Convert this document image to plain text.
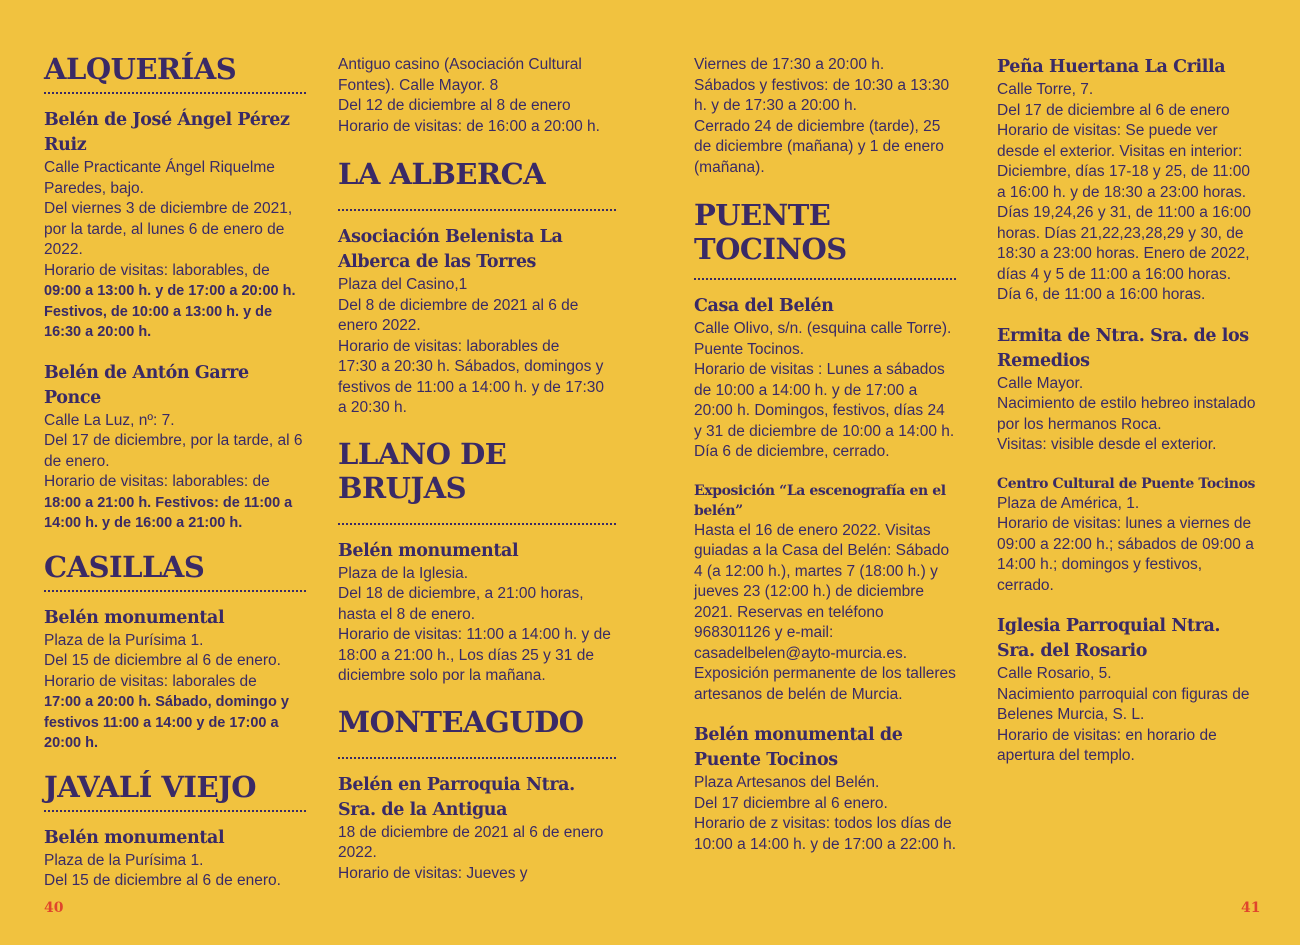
ALQUERÍAS
Belén de José Ángel Pérez Ruiz

Calle Practicante Ángel Riquelme Paredes, bajo.

Del viernes 3 de diciembre de 2021, por la tarde, al lunes 6 de enero de 2022.

Horario de visitas: laborables, de

09:00 a 13:00 h. y de 17:00 a 20:00 h. Festivos, de 10:00 a 13:00 h. y de 16:30 a 20:00 h.

Belén de Antón Garre Ponce

Calle La Luz, nº: 7.

Del 17 de diciembre, por la tarde, al 6 de enero.

Horario de visitas: laborables: de

18:00 a 21:00 h. Festivos: de 11:00 a 14:00 h. y de 16:00 a 21:00 h.

CASILLAS
Belén monumental

Plaza de la Purísima 1.

Del 15 de diciembre al 6 de enero.

Horario de visitas: laborales de

17:00 a 20:00 h. Sábado, domingo y festivos 11:00 a 14:00 y de 17:00 a 20:00 h.

JAVALÍ VIEJO
Belén monumental

Plaza de la Purísima 1.

Del 15 de diciembre al 6 de enero.

Antiguo casino (Asociación Cultural Fontes). Calle Mayor. 8

Del 12 de diciembre al 8 de enero

Horario de visitas: de 16:00 a 20:00 h.

LA ALBERCA
Asociación Belenista La Alberca de las Torres

Plaza del Casino,1

Del 8 de diciembre de 2021 al 6 de enero 2022.

Horario de visitas: laborables de

17:30 a 20:30 h. Sábados, domingos y festivos de 11:00 a 14:00 h. y de 17:30 a 20:30 h.

LLANO DE BRUJAS
Belén monumental

Plaza de la Iglesia.

Del 18 de diciembre, a 21:00 horas, hasta el 8 de enero.

Horario de visitas: 11:00 a 14:00 h. y de 18:00 a 21:00 h., Los días 25 y 31 de diciembre solo por la mañana.

MONTEAGUDO
Belén en Parroquia Ntra. Sra. de la Antigua

18 de diciembre de 2021 al 6 de enero 2022.

Horario de visitas: Jueves y

Viernes de 17:30 a 20:00 h.

Sábados y festivos: de 10:30 a 13:30 h. y de 17:30 a 20:00 h.

Cerrado 24 de diciembre (tarde), 25 de diciembre (mañana) y 1 de enero (mañana).

PUENTE TOCINOS
Casa del Belén

Calle Olivo, s/n. (esquina calle Torre). Puente Tocinos.

Horario de visitas : Lunes a sábados de 10:00 a 14:00 h. y de 17:00 a 20:00 h. Domingos, festivos, días 24 y 31 de diciembre de 10:00 a 14:00 h. Día 6 de diciembre, cerrado.

Exposición “La escenografía en el belén”

Hasta el 16 de enero 2022. Visitas guiadas a la Casa del Belén: Sábado 4 (a 12:00 h.), martes 7 (18:00 h.) y jueves 23 (12:00 h.) de diciembre 2021. Reservas en teléfono 968301126 y e-mail: casadelbelen@ayto-murcia.es. Exposición permanente de los talleres artesanos de belén de Murcia.

Belén monumental de Puente Tocinos

Plaza Artesanos del Belén.

Del 17 diciembre al 6 enero.

Horario de z visitas: todos los días de 10:00 a 14:00 h. y de 17:00 a 22:00 h.

Peña Huertana La Crilla

Calle Torre, 7.

Del 17 de diciembre al 6 de enero

Horario de visitas: Se puede ver desde el exterior. Visitas en interior: Diciembre, días 17-18 y 25, de 11:00 a 16:00 h. y de 18:30 a 23:00 horas. Días 19,24,26 y 31, de 11:00 a 16:00 horas. Días 21,22,23,28,29 y 30, de 18:30 a 23:00 horas. Enero de 2022, días 4 y 5 de 11:00 a 16:00 horas. Día 6, de 11:00 a 16:00 horas.

Ermita de Ntra. Sra. de los Remedios

Calle Mayor.

Nacimiento de estilo hebreo instalado por los hermanos Roca.

Visitas: visible desde el exterior.

Centro Cultural de Puente Tocinos

Plaza de América, 1.

Horario de visitas: lunes a viernes de 09:00 a 22:00 h.; sábados de 09:00 a 14:00 h.; domingos y festivos, cerrado.

Iglesia Parroquial Ntra. Sra. del Rosario

Calle Rosario, 5.

Nacimiento parroquial con figuras de Belenes Murcia, S. L.

Horario de visitas: en horario de apertura del templo.

40	41
